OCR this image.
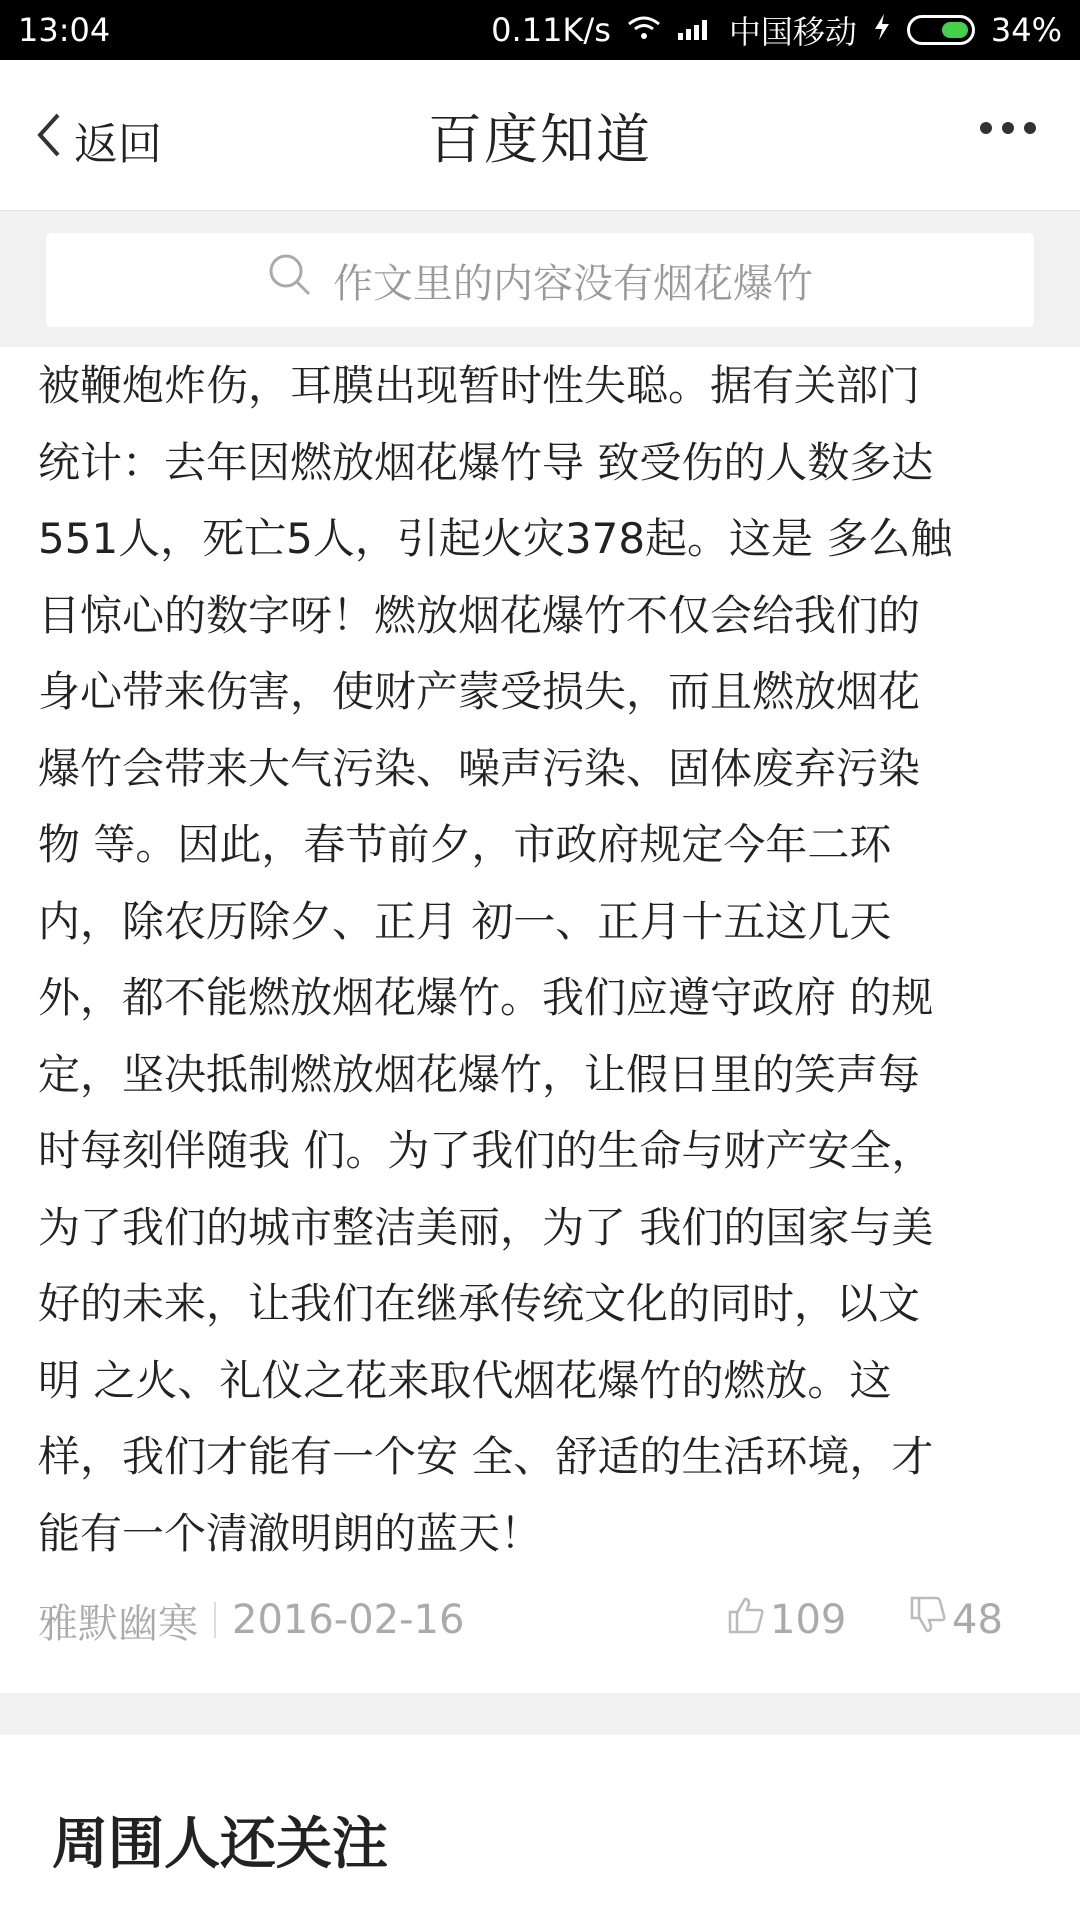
13:04	0.11K/s	中国移动	34%
返回	百度知道
作文里的内容没有烟花爆竹

被鞭炮炸伤，耳膜出现暂时性失聪。据有关部门

统计：去年因燃放烟花爆竹导 致受伤的人数多达

551人，死亡5人，引起火灾378起。这是 多么触

目惊心的数字呀！燃放烟花爆竹不仅会给我们的

身心带来伤害，使财产蒙受损失，而且燃放烟花

爆竹会带来大气污染、噪声污染、固体废弃污染

物 等。因此，春节前夕，市政府规定今年二环

内，除农历除夕、正月 初一、正月十五这几天

外，都不能燃放烟花爆竹。我们应遵守政府 的规

定，坚决抵制燃放烟花爆竹，让假日里的笑声每

时每刻伴随我 们。为了我们的生命与财产安全，

为了我们的城市整洁美丽，为了 我们的国家与美

好的未来，让我们在继承传统文化的同时，以文

明 之火、礼仪之花来取代烟花爆竹的燃放。这

样，我们才能有一个安 全、舒适的生活环境，才

能有一个清澈明朗的蓝天！

雅默幽寒 2016-02-16	109	48
周围人还关注
